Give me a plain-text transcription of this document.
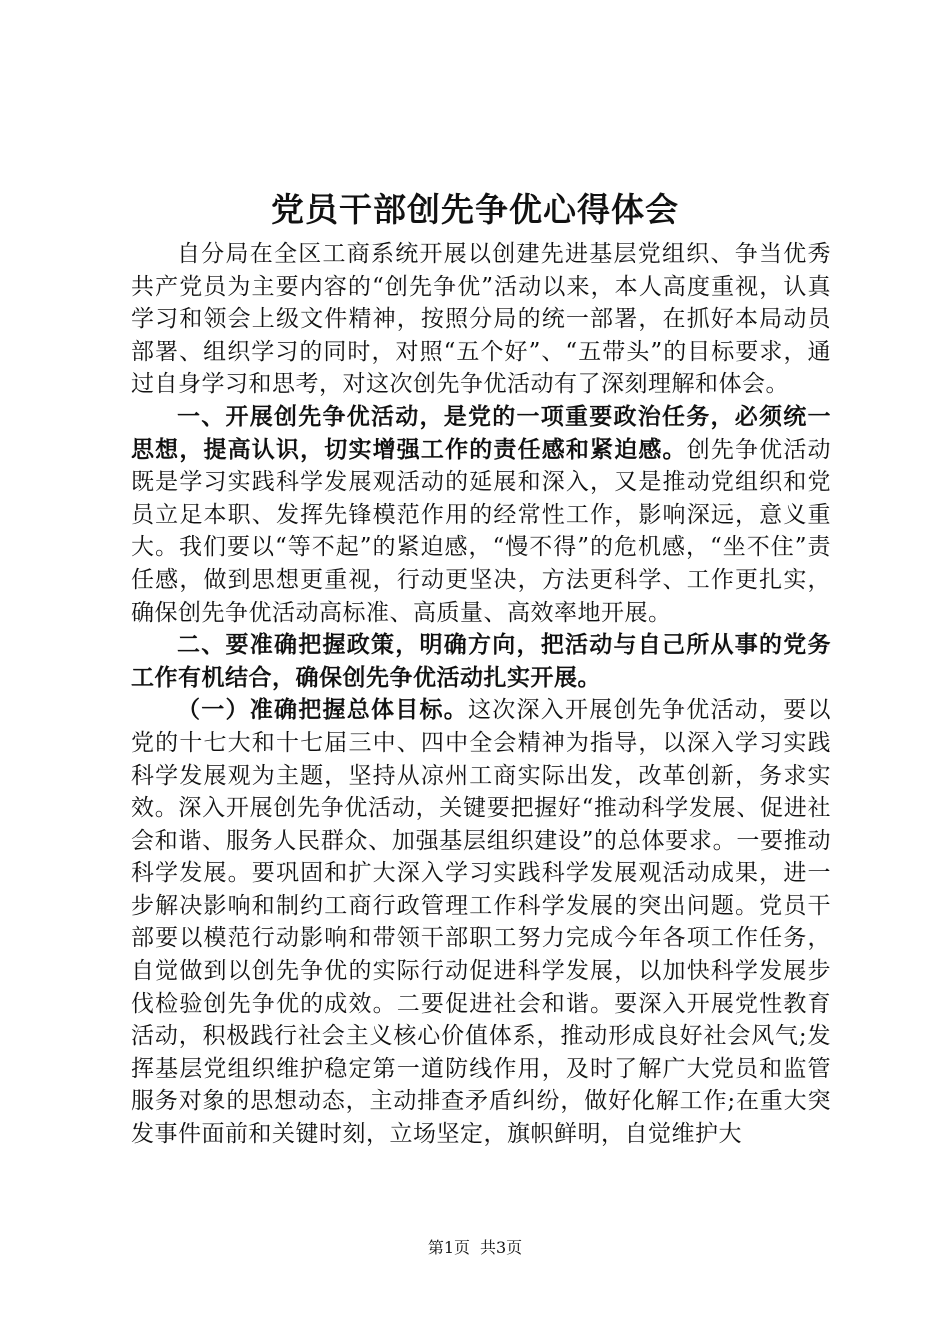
党员干部创先争优心得体会

自分局在全区工商系统开展以创建先进基层党组织、争当优秀共产党员为主要内容的“创先争优”活动以来，本人高度重视，认真学习和领会上级文件精神，按照分局的统一部署，在抓好本局动员部署、组织学习的同时，对照“五个好”、“五带头”的目标要求，通过自身学习和思考，对这次创先争优活动有了深刻理解和体会。

一、开展创先争优活动，是党的一项重要政治任务，必须统一思想，提高认识，切实增强工作的责任感和紧迫感。创先争优活动既是学习实践科学发展观活动的延展和深入，又是推动党组织和党员立足本职、发挥先锋模范作用的经常性工作，影响深远，意义重大。我们要以“等不起”的紧迫感，“慢不得”的危机感，“坐不住”责任感，做到思想更重视，行动更坚决，方法更科学、工作更扎实，确保创先争优活动高标准、高质量、高效率地开展。

二、要准确把握政策，明确方向，把活动与自己所从事的党务工作有机结合，确保创先争优活动扎实开展。

（一）准确把握总体目标。这次深入开展创先争优活动，要以党的十七大和十七届三中、四中全会精神为指导，以深入学习实践科学发展观为主题，坚持从凉州工商实际出发，改革创新，务求实效。深入开展创先争优活动，关键要把握好“推动科学发展、促进社会和谐、服务人民群众、加强基层组织建设”的总体要求。一要推动科学发展。要巩固和扩大深入学习实践科学发展观活动成果，进一步解决影响和制约工商行政管理工作科学发展的突出问题。党员干部要以模范行动影响和带领干部职工努力完成今年各项工作任务，自觉做到以创先争优的实际行动促进科学发展，以加快科学发展步伐检验创先争优的成效。二要促进社会和谐。要深入开展党性教育活动，积极践行社会主义核心价值体系，推动形成良好社会风气;发挥基层党组织维护稳定第一道防线作用，及时了解广大党员和监管服务对象的思想动态，主动排查矛盾纠纷，做好化解工作;在重大突发事件面前和关键时刻，立场坚定，旗帜鲜明，自觉维护大

第1页 共3页
